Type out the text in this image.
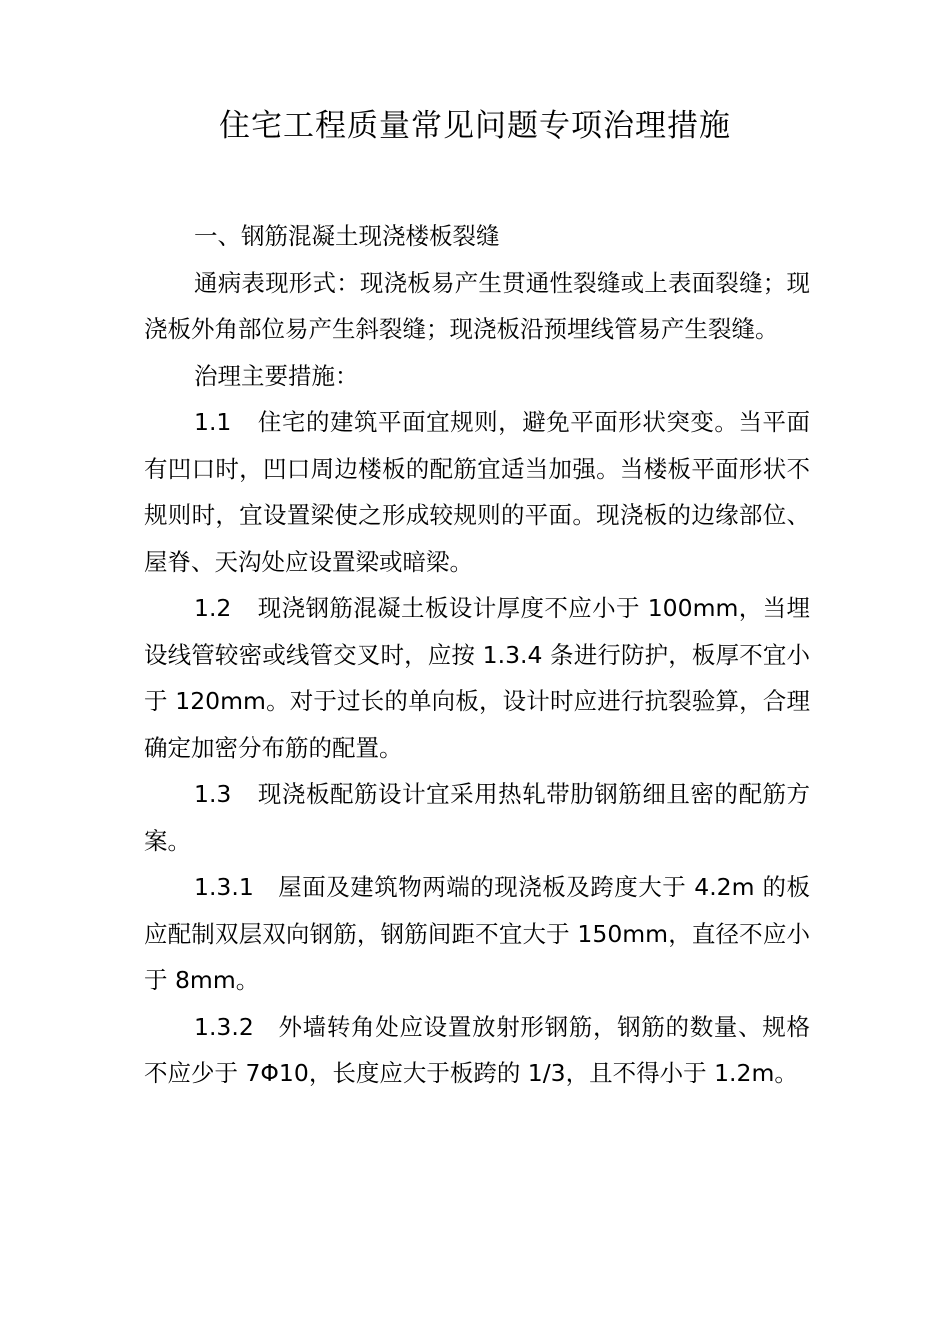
住宅工程质量常见问题专项治理措施

一、钢筋混凝土现浇楼板裂缝

通病表现形式：现浇板易产生贯通性裂缝或上表面裂缝；现浇板外角部位易产生斜裂缝；现浇板沿预埋线管易产生裂缝。

治理主要措施：

1.1 住宅的建筑平面宜规则，避免平面形状突变。当平面有凹口时，凹口周边楼板的配筋宜适当加强。当楼板平面形状不规则时，宜设置梁使之形成较规则的平面。现浇板的边缘部位、屋脊、天沟处应设置梁或暗梁。

1.2 现浇钢筋混凝土板设计厚度不应小于 100mm，当埋设线管较密或线管交叉时，应按 1.3.4 条进行防护，板厚不宜小于 120mm。对于过长的单向板，设计时应进行抗裂验算，合理确定加密分布筋的配置。

1.3 现浇板配筋设计宜采用热轧带肋钢筋细且密的配筋方案。

1.3.1 屋面及建筑物两端的现浇板及跨度大于 4.2m 的板应配制双层双向钢筋，钢筋间距不宜大于 150mm，直径不应小于 8mm。

1.3.2 外墙转角处应设置放射形钢筋，钢筋的数量、规格不应少于 7Φ10，长度应大于板跨的 1/3，且不得小于 1.2m。
